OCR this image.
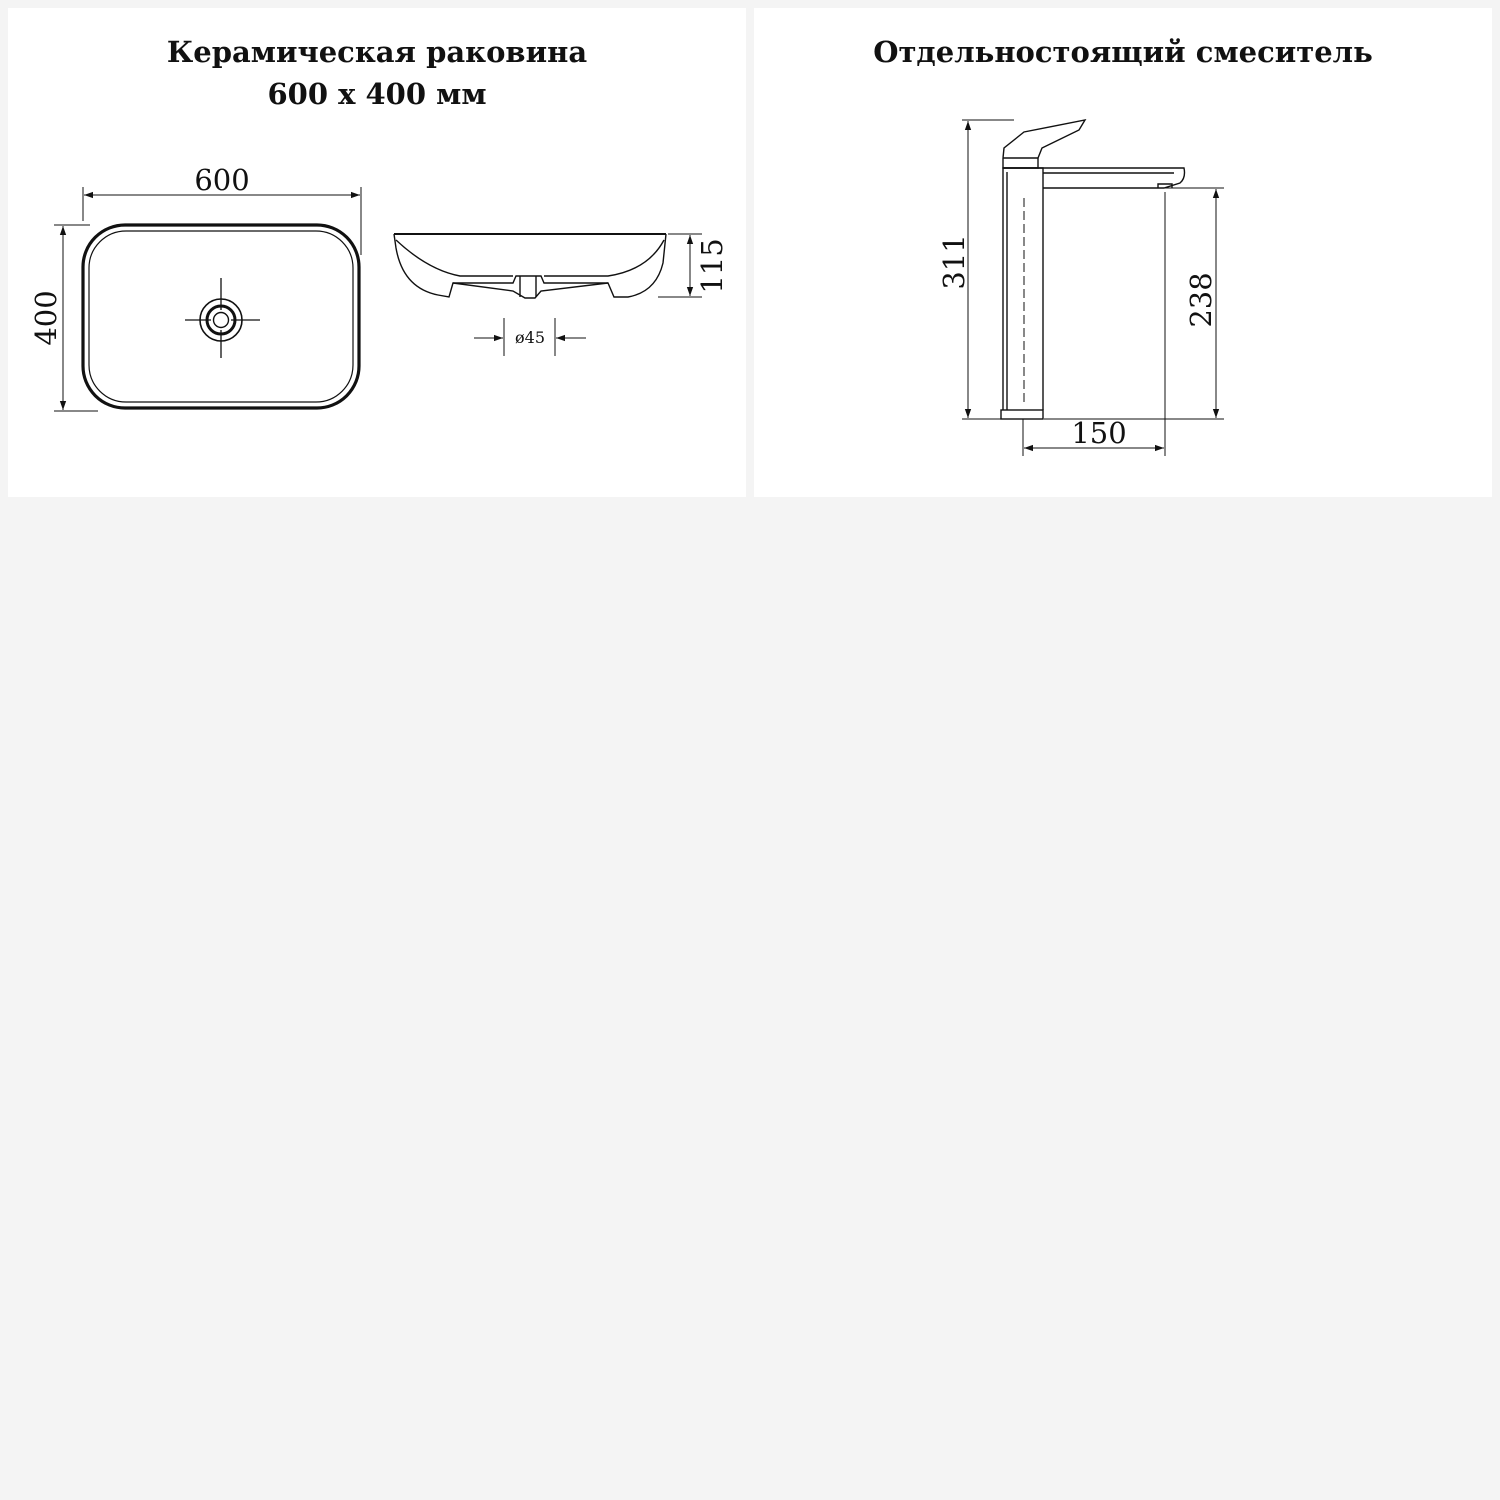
Керамическая раковина
600 х 400 мм
600
400
115
ø45
Отдельностоящий смеситель
311
238
150
